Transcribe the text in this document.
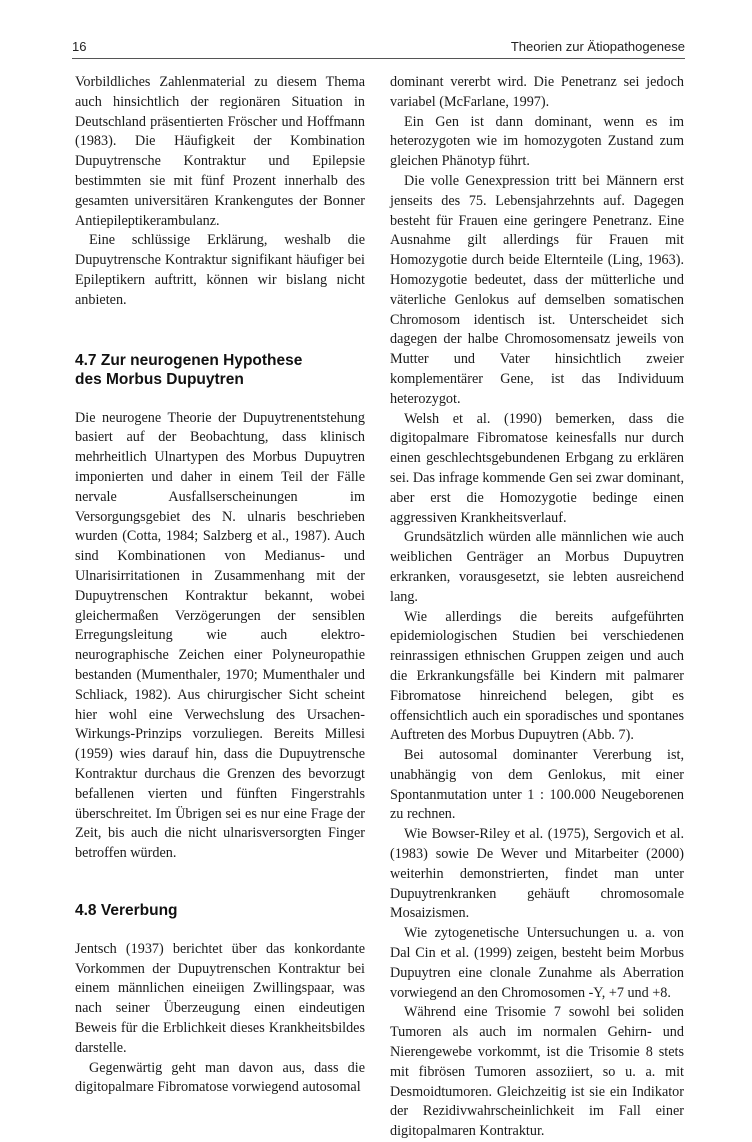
16	Theorien zur Ätiopathogenese

Vorbildliches Zahlenmaterial zu diesem Thema auch hinsichtlich der regionären Situation in Deutschland präsentierten Fröscher und Hoffmann (1983). Die Häufigkeit der Kombination Dupuytrensche Kontraktur und Epilepsie bestimmten sie mit fünf Prozent innerhalb des gesamten universitären Krankengutes der Bonner Antiepileptikerambulanz.

Eine schlüssige Erklärung, weshalb die Dupuytrensche Kontraktur signifikant häufiger bei Epileptikern auftritt, können wir bislang nicht anbieten.

4.7 Zur neurogenen Hypothese
des Morbus Dupuytren

Die neurogene Theorie der Dupuytrenentstehung basiert auf der Beobachtung, dass klinisch mehrheitlich Ulnartypen des Morbus Dupuytren imponierten und daher in einem Teil der Fälle nervale Ausfallserscheinungen im Versorgungsgebiet des N. ulnaris beschrieben wurden (Cotta, 1984; Salzberg et al., 1987). Auch sind Kombinationen von Medianus- und Ulnarisirritationen in Zusammenhang mit der Dupuytrenschen Kontraktur bekannt, wobei gleichermaßen Verzögerungen der sensiblen Erregungsleitung wie auch elektro-neurographische Zeichen einer Polyneuropathie bestanden (Mumenthaler, 1970; Mumenthaler und Schliack, 1982). Aus chirurgischer Sicht scheint hier wohl eine Verwechslung des Ursachen-Wirkungs-Prinzips vorzuliegen. Bereits Millesi (1959) wies darauf hin, dass die Dupuytrensche Kontraktur durchaus die Grenzen des bevorzugt befallenen vierten und fünften Fingerstrahls überschreitet. Im Übrigen sei es nur eine Frage der Zeit, bis auch die nicht ulnarisversorgten Finger betroffen würden.

4.8 Vererbung

Jentsch (1937) berichtet über das konkordante Vorkommen der Dupuytrenschen Kontraktur bei einem männlichen eineiigen Zwillingspaar, was nach seiner Überzeugung einen eindeutigen Beweis für die Erblichkeit dieses Krankheitsbildes darstelle.

Gegenwärtig geht man davon aus, dass die digitopalmare Fibromatose vorwiegend autosomal

dominant vererbt wird. Die Penetranz sei jedoch variabel (McFarlane, 1997).

Ein Gen ist dann dominant, wenn es im heterozygoten wie im homozygoten Zustand zum gleichen Phänotyp führt.

Die volle Genexpression tritt bei Männern erst jenseits des 75. Lebensjahrzehnts auf. Dagegen besteht für Frauen eine geringere Penetranz. Eine Ausnahme gilt allerdings für Frauen mit Homozygotie durch beide Elternteile (Ling, 1963). Homozygotie bedeutet, dass der mütterliche und väterliche Genlokus auf demselben somatischen Chromosom identisch ist. Unterscheidet sich dagegen der halbe Chromosomensatz jeweils von Mutter und Vater hinsichtlich zweier komplementärer Gene, ist das Individuum heterozygot.

Welsh et al. (1990) bemerken, dass die digitopalmare Fibromatose keinesfalls nur durch einen geschlechtsgebundenen Erbgang zu erklären sei. Das infrage kommende Gen sei zwar dominant, aber erst die Homozygotie bedinge einen aggressiven Krankheitsverlauf.

Grundsätzlich würden alle männlichen wie auch weiblichen Genträger an Morbus Dupuytren erkranken, vorausgesetzt, sie lebten ausreichend lang.

Wie allerdings die bereits aufgeführten epidemiologischen Studien bei verschiedenen reinrassigen ethnischen Gruppen zeigen und auch die Erkrankungsfälle bei Kindern mit palmarer Fibromatose hinreichend belegen, gibt es offensichtlich auch ein sporadisches und spontanes Auftreten des Morbus Dupuytren (Abb. 7).

Bei autosomal dominanter Vererbung ist, unabhängig von dem Genlokus, mit einer Spontanmutation unter 1 : 100.000 Neugeborenen zu rechnen.

Wie Bowser-Riley et al. (1975), Sergovich et al. (1983) sowie De Wever und Mitarbeiter (2000) weiterhin demonstrierten, findet man unter Dupuytrenkranken gehäuft chromosomale Mosaizismen.

Wie zytogenetische Untersuchungen u. a. von Dal Cin et al. (1999) zeigen, besteht beim Morbus Dupuytren eine clonale Zunahme als Aberration vorwiegend an den Chromosomen -Y, +7 und +8.

Während eine Trisomie 7 sowohl bei soliden Tumoren als auch im normalen Gehirn- und Nierengewebe vorkommt, ist die Trisomie 8 stets mit fibrösen Tumoren assoziiert, so u. a. mit Desmoidtumoren. Gleichzeitig ist sie ein Indikator der Rezidivwahrscheinlichkeit im Fall einer digitopalmaren Kontraktur.
